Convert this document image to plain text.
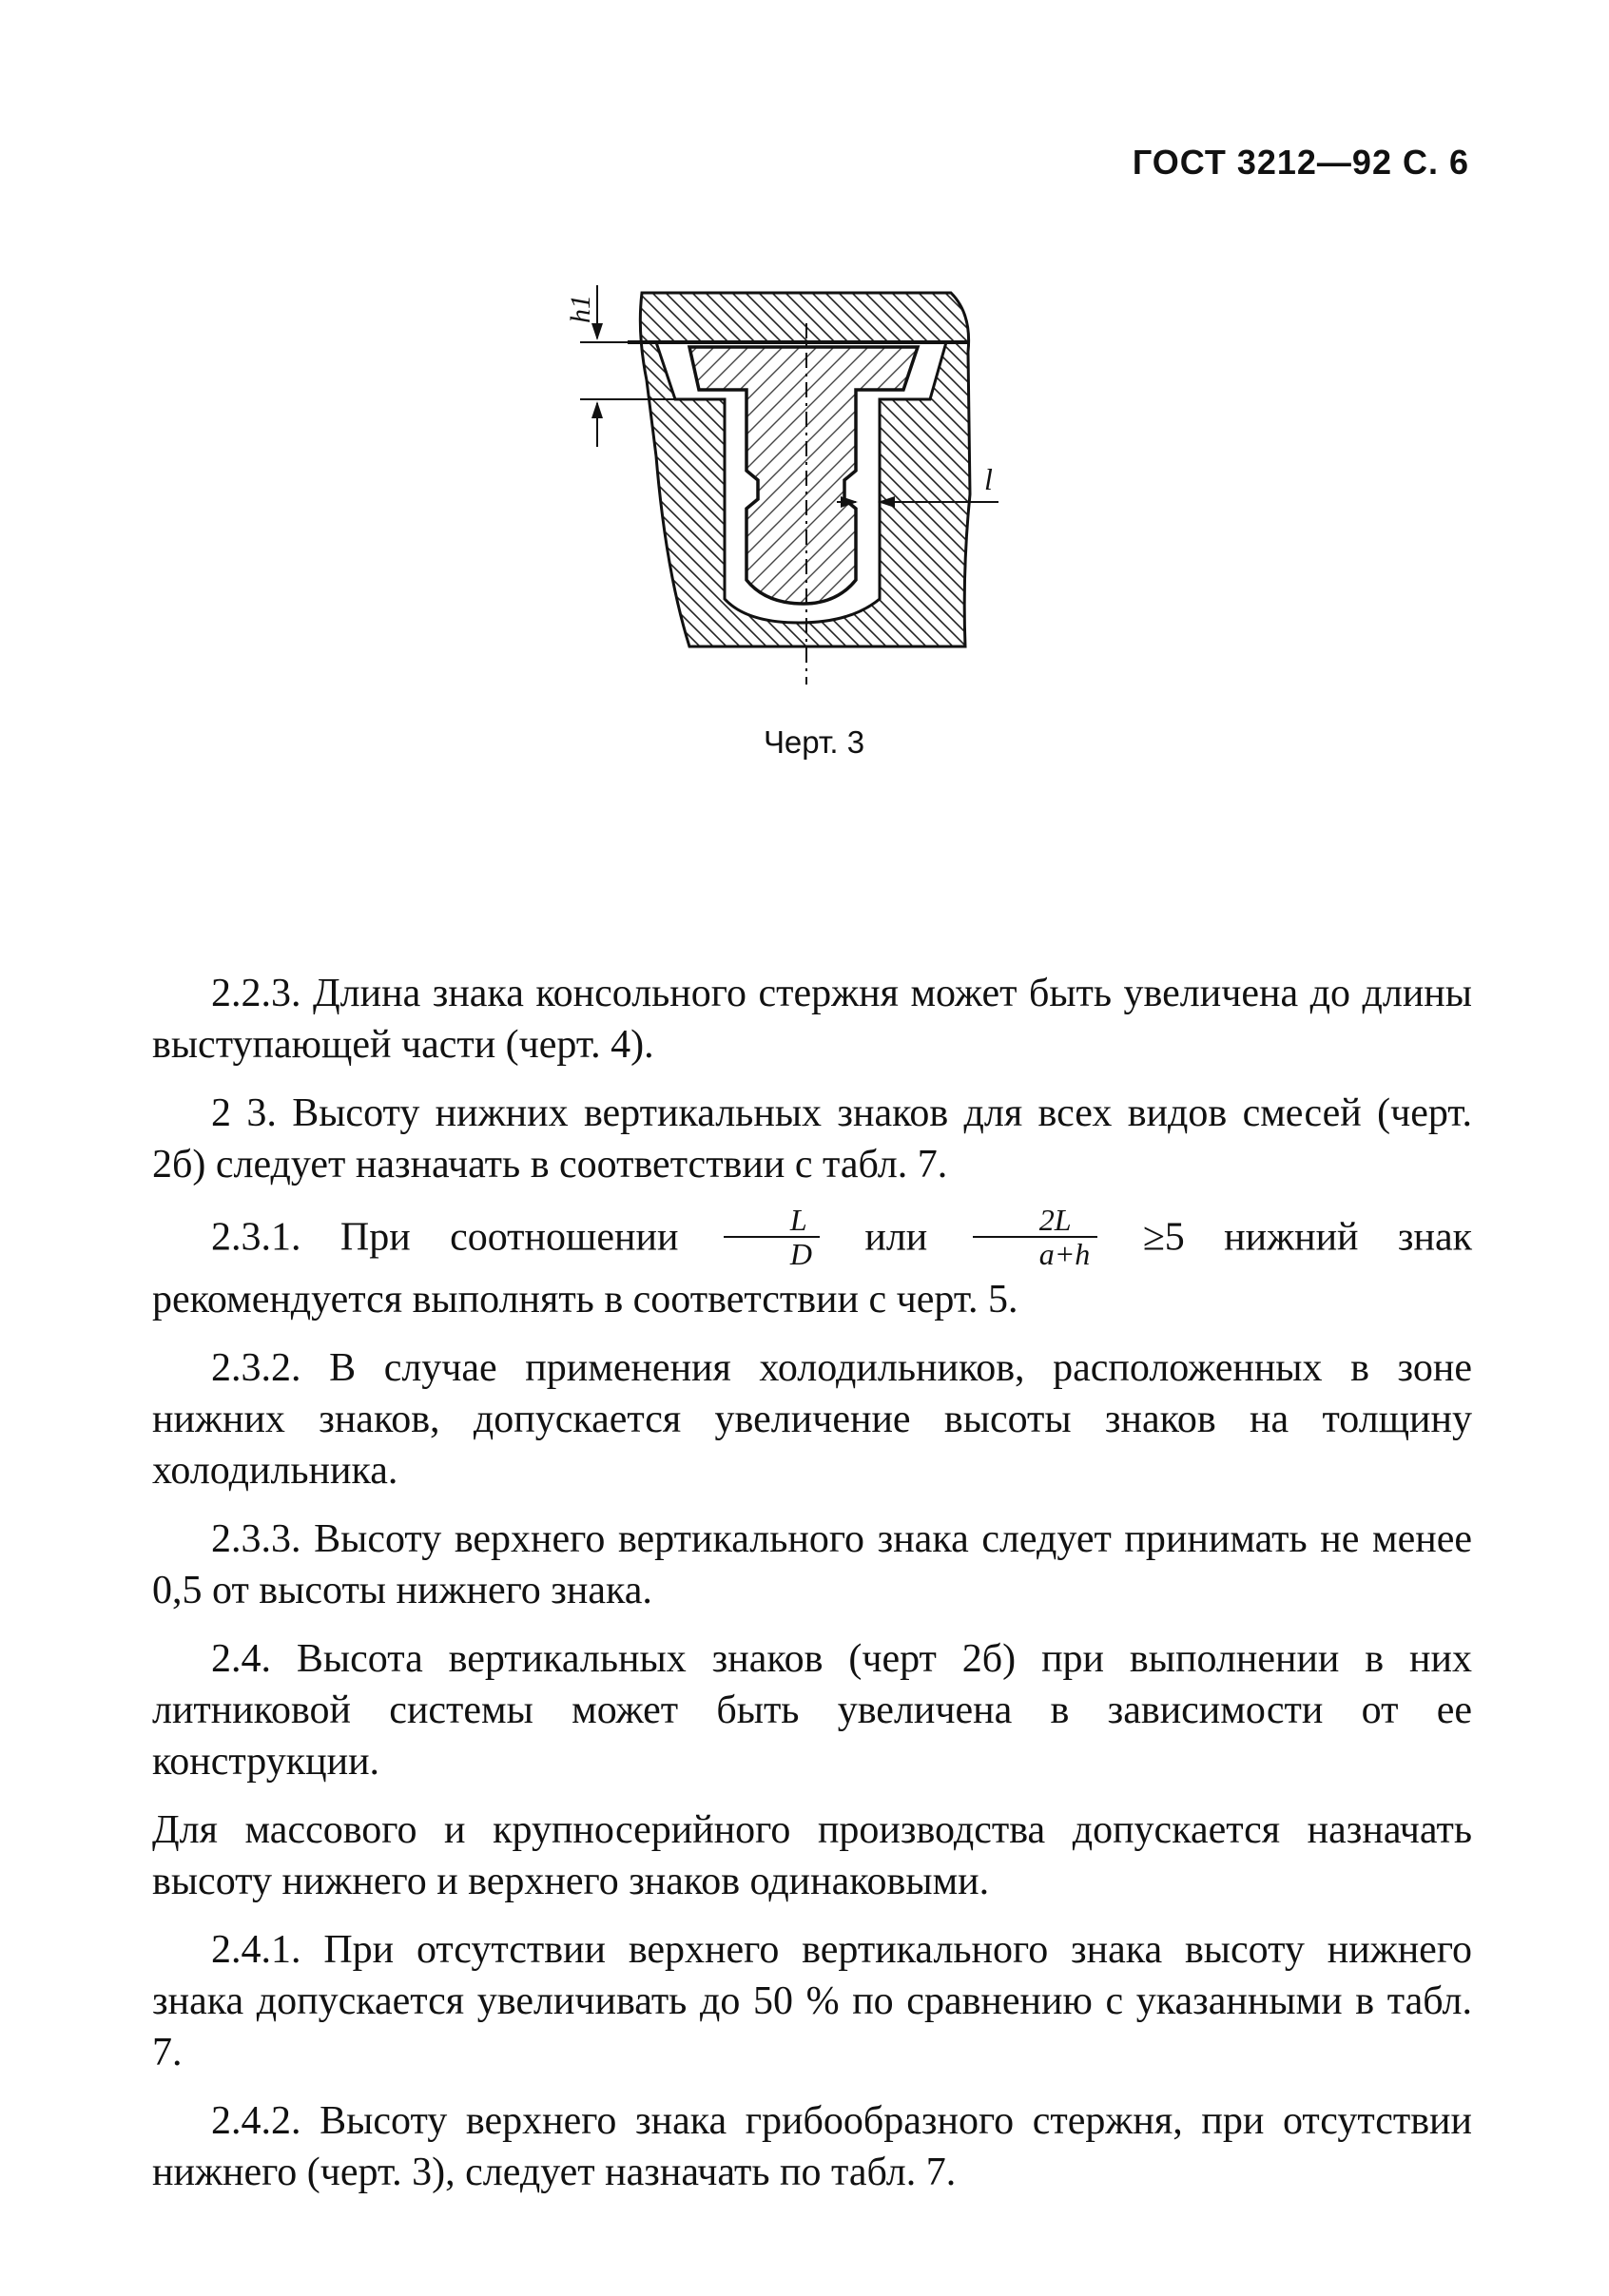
ГОСТ 3212—92 С. 6
h1
l
Черт. 3

2.2.3. Длина знака консольного стержня может быть увеличена до длины выступающей части (черт. 4).

2 3. Высоту нижних вертикальных знаков для всех видов смесей (черт. 2б) следует назначать в соответствии с табл. 7.

2.3.1. При соотношении $\frac{L}{D}$ или $\frac{2L}{a+h} \ge 5$ нижний знак рекомендуется выполнять в соответствии с черт. 5.

2.3.2. В случае применения холодильников, расположенных в зоне нижних знаков, допускается увеличение высоты знаков на толщину холодильника.

2.3.3. Высоту верхнего вертикального знака следует принимать не менее 0,5 от высоты нижнего знака.

2.4. Высота вертикальных знаков (черт 2б) при выполнении в них литниковой системы может быть увеличена в зависимости от ее конструкции.

Для массового и крупносерийного производства допускается назначать высоту нижнего и верхнего знаков одинаковыми.

2.4.1. При отсутствии верхнего вертикального знака высоту нижнего знака допускается увеличивать до 50 % по сравнению с указанными в табл. 7.

2.4.2. Высоту верхнего знака грибообразного стержня, при отсутствии нижнего (черт. 3), следует назначать по табл. 7.
